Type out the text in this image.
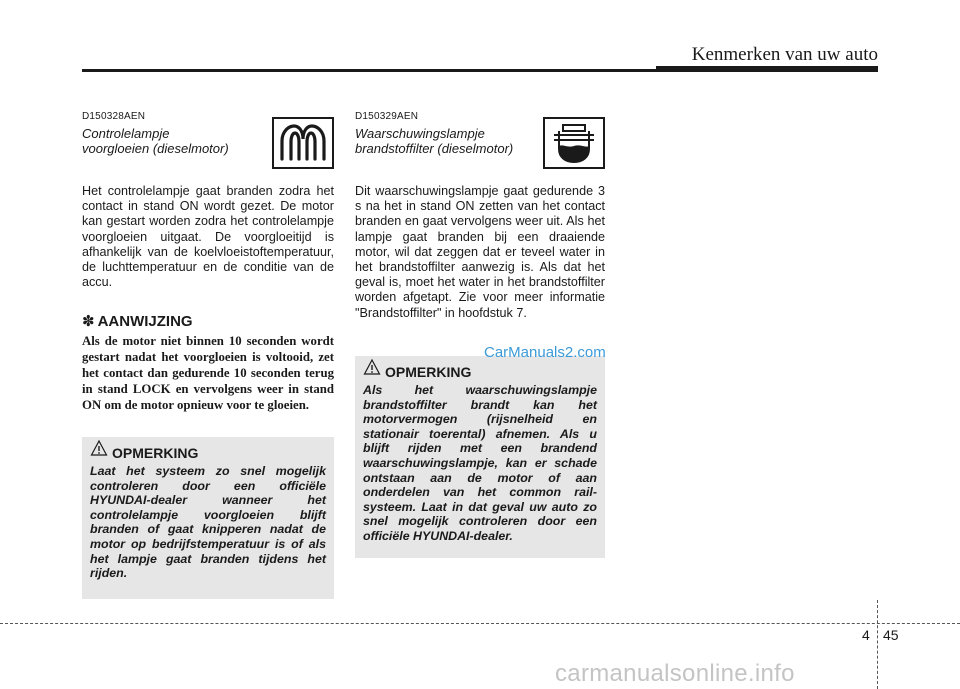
Kenmerken van uw auto
D150328AEN
Controlelampje
voorgloeien (dieselmotor)
Het controlelampje gaat branden zodra het contact in stand ON wordt gezet. De motor kan gestart worden zodra het controlelampje voorgloeien uitgaat. De voorgloeitijd is afhankelijk van de koelvloeistoftemperatuur, de luchttemperatuur en de conditie van de accu.
✽ AANWIJZING
Als de motor niet binnen 10 seconden wordt gestart nadat het voorgloeien is voltooid, zet het contact dan gedurende 10 seconden terug in stand LOCK en vervolgens weer in stand ON om de motor opnieuw voor te gloeien.
OPMERKING
Laat het systeem zo snel mogelijk controleren door een officiële HYUNDAI-dealer wanneer het controlelampje voorgloeien blijft branden of gaat knipperen nadat de motor op bedrijfstemperatuur is of als het lampje gaat branden tijdens het rijden.
D150329AEN
Waarschuwingslampje
brandstoffilter (dieselmotor)
Dit waarschuwingslampje gaat gedurende 3 s na het in stand ON zetten van het contact branden en gaat vervolgens weer uit. Als het lampje gaat branden bij een draaiende motor, wil dat zeggen dat er teveel water in het brandstoffilter aanwezig is. Als dat het geval is, moet het water in het brandstoffilter worden afgetapt. Zie voor meer informatie "Brandstoffilter" in hoofdstuk 7.
OPMERKING
Als het waarschuwingslampje brandstoffilter brandt kan het motorvermogen (rijsnelheid en stationair toerental) afnemen. Als u blijft rijden met een brandend waarschuwingslampje, kan er schade ontstaan aan de motor of aan onderdelen van het common rail-systeem. Laat in dat geval uw auto zo snel mogelijk controleren door een officiële HYUNDAI-dealer.
CarManuals2.com
4 45
carmanualsonline.info
